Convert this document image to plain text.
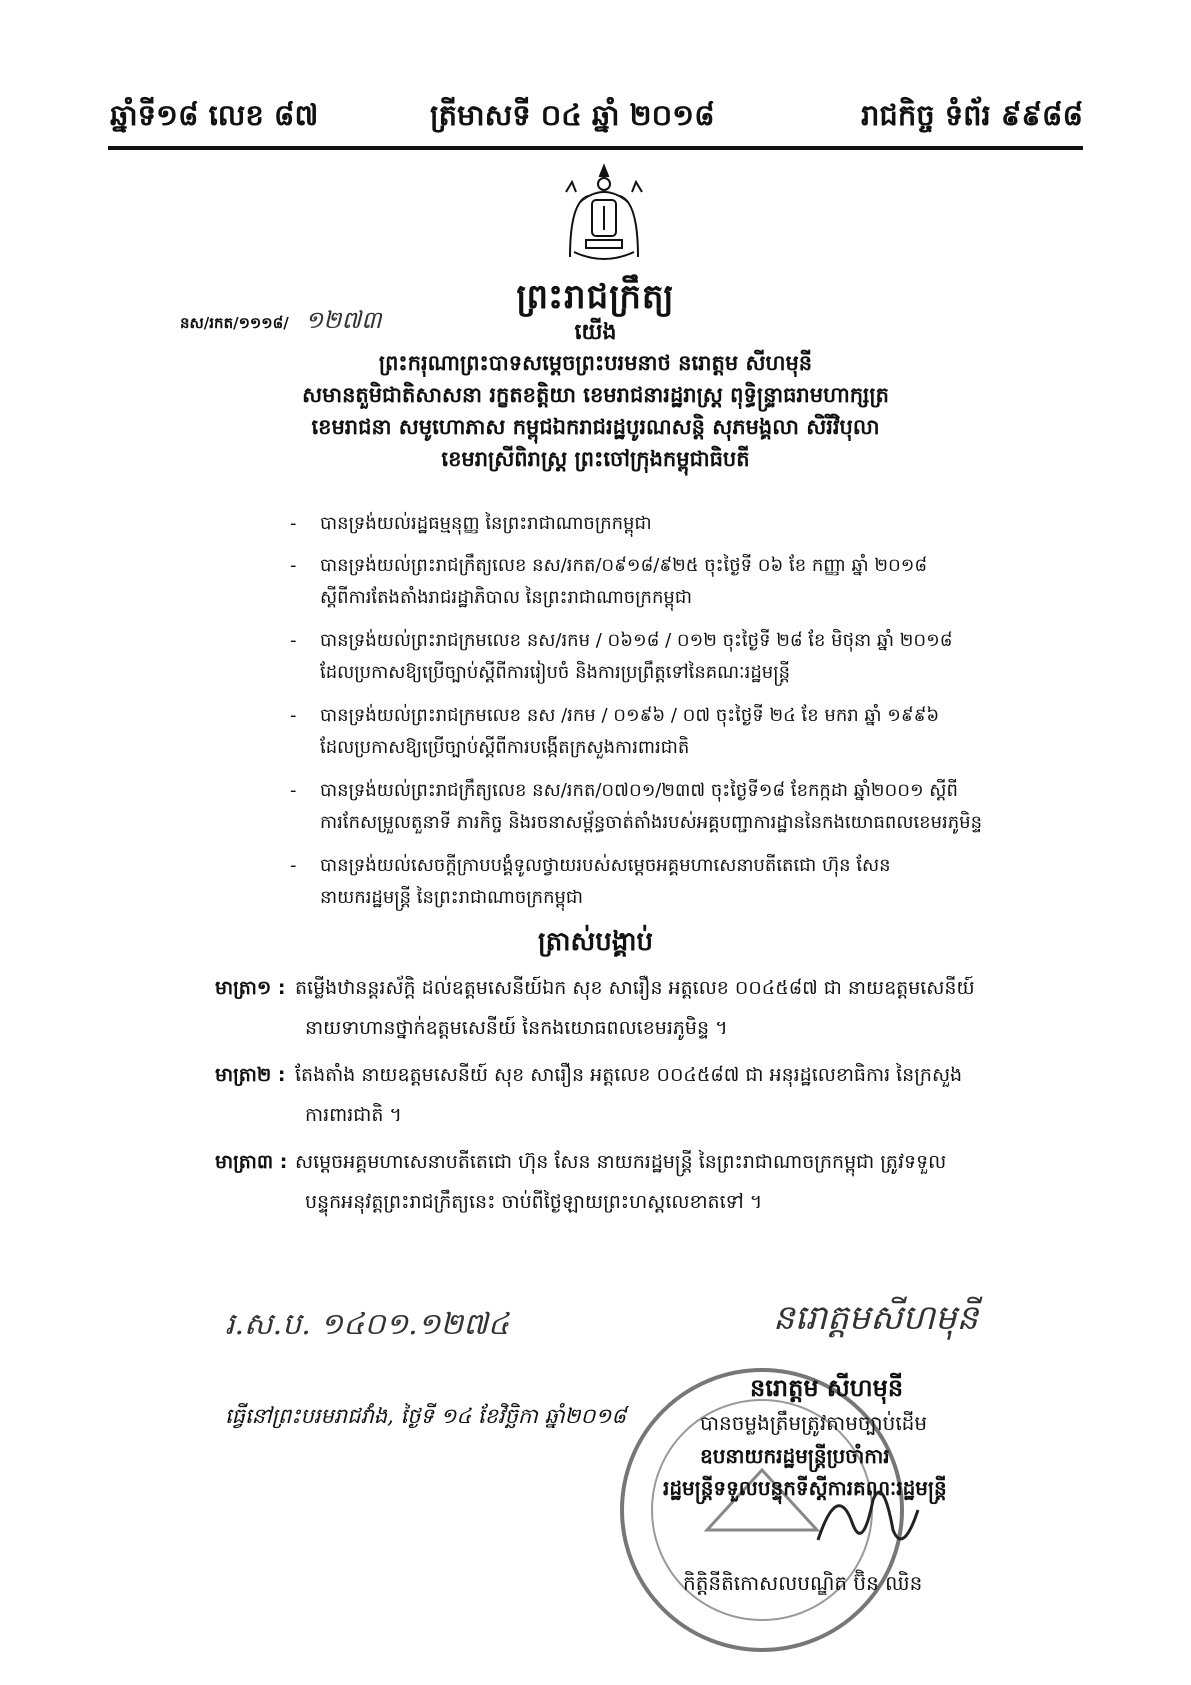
ឆ្នាំទី១៨ លេខ ៨៧	ត្រីមាសទី ០៤ ឆ្នាំ ២០១៨	រាជកិច្ច ទំព័រ ៩៩៨៨
ព្រះរាជក្រឹត្យ
នស/រកត/១១១៨/ ១២៧៣	យើង
ព្រះករុណាព្រះបាទសម្តេចព្រះបរមនាថ នរោត្តម សីហមុនី
សមានតួមិជាតិសាសនា រក្ខតខត្តិយា ខេមរាជនារដ្ឋរាស្ត្រ ពុទ្ធិន្ទ្រាធរាមហាក្សត្រ
ខេមរាជនា សមូហោភាស កម្ពុជឯករាជរដ្ឋបូរណសន្តិ សុភមង្គលា សិរីវិបុលា
ខេមរាស្រីពិរាស្ត្រ ព្រះចៅក្រុងកម្ពុជាធិបតី
-	បានទ្រង់យល់រដ្ឋធម្មនុញ្ញ នៃព្រះរាជាណាចក្រកម្ពុជា
-	បានទ្រង់យល់ព្រះរាជក្រឹត្យលេខ នស/រកត/០៩១៨/៩២៥ ចុះថ្ងៃទី ០៦ ខែ កញ្ញា ឆ្នាំ ២០១៨
ស្តីពីការតែងតាំងរាជរដ្ឋាភិបាល នៃព្រះរាជាណាចក្រកម្ពុជា
-	បានទ្រង់យល់ព្រះរាជក្រមលេខ នស/រកម / ០៦១៨ / ០១២ ចុះថ្ងៃទី ២៨ ខែ មិថុនា ឆ្នាំ ២០១៨
ដែលប្រកាសឱ្យប្រើច្បាប់ស្តីពីការរៀបចំ និងការប្រព្រឹត្តទៅនៃគណៈរដ្ឋមន្ត្រី
-	បានទ្រង់យល់ព្រះរាជក្រមលេខ នស /រកម / ០១៩៦ / ០៧ ចុះថ្ងៃទី ២៤ ខែ មករា ឆ្នាំ ១៩៩៦
ដែលប្រកាសឱ្យប្រើច្បាប់ស្តីពីការបង្កើតក្រសួងការពារជាតិ
-	បានទ្រង់យល់ព្រះរាជក្រឹត្យលេខ នស/រកត/០៧០១/២៣៧ ចុះថ្ងៃទី១៨ ខែកក្កដា ឆ្នាំ២០០១ ស្តីពី
ការកែសម្រួលតួនាទី ភារកិច្ច និងរចនាសម្ព័ន្ធចាត់តាំងរបស់អគ្គបញ្ជាការដ្ឋាននៃកងយោធពលខេមរភូមិន្ទ
-	បានទ្រង់យល់សេចក្តីក្រាបបង្គំទូលថ្វាយរបស់សម្តេចអគ្គមហាសេនាបតីតេជោ ហ៊ុន សែន
នាយករដ្ឋមន្ត្រី នៃព្រះរាជាណាចក្រកម្ពុជា
ត្រាស់បង្គាប់
មាត្រា១ : តម្លើងឋានន្តរស័ក្តិ ដល់ឧត្តមសេនីយ៍ឯក សុខ សារឿន អត្តលេខ ០០៤៥៨៧ ជា នាយឧត្តមសេនីយ៍
នាយទាហានថ្នាក់ឧត្តមសេនីយ៍ នៃកងយោធពលខេមរភូមិន្ទ ។
មាត្រា២ : តែងតាំង នាយឧត្តមសេនីយ៍ សុខ សារឿន អត្តលេខ ០០៤៥៨៧ ជា អនុរដ្ឋលេខាធិការ នៃក្រសួង
ការពារជាតិ ។
មាត្រា៣ : សម្តេចអគ្គមហាសេនាបតីតេជោ ហ៊ុន សែន នាយករដ្ឋមន្ត្រី នៃព្រះរាជាណាចក្រកម្ពុជា ត្រូវទទួល
បន្ទុកអនុវត្តព្រះរាជក្រឹត្យនេះ ចាប់ពីថ្ងៃឡាយព្រះហស្តលេខាតទៅ ។
នរោត្តមសីហមុនី
រ.ស.ប. ១៤០១.១២៧៤
ធ្វើនៅព្រះបរមរាជវាំង, ថ្ងៃទី ១៤ ខែវិច្ឆិកា ឆ្នាំ២០១៨
នរោត្តម សីហមុនី
បានចម្លងត្រឹមត្រូវតាមច្បាប់ដើម
ឧបនាយករដ្ឋមន្ត្រីប្រចាំការ
រដ្ឋមន្ត្រីទទួលបន្ទុកទីស្តីការគណៈរដ្ឋមន្ត្រី
កិត្តិនីតិកោសលបណ្ឌិត ប៊ិន ឈិន
